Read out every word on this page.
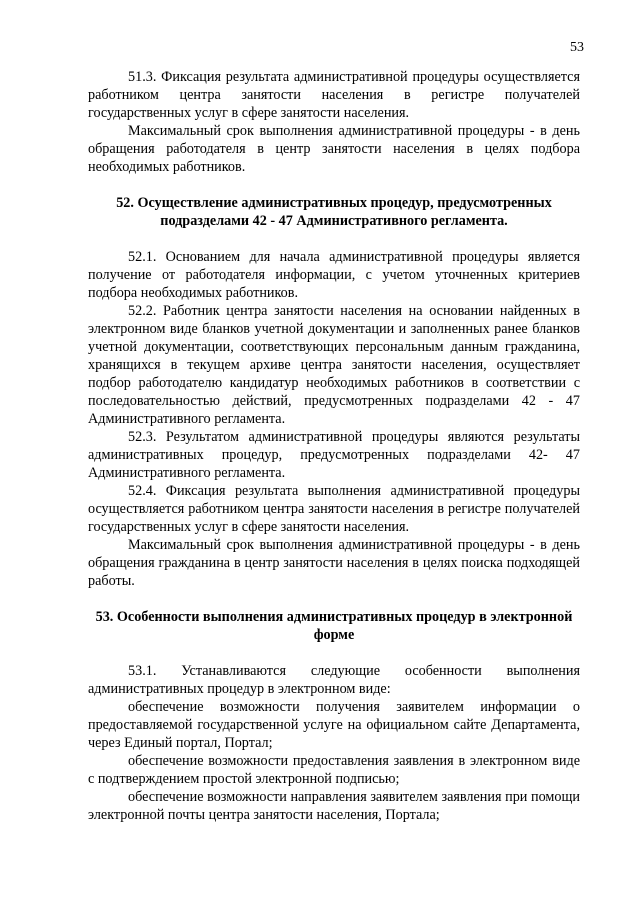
53

51.3. Фиксация результата административной процедуры осуществляется работником центра занятости населения в регистре получателей государственных услуг в сфере занятости населения.

Максимальный срок выполнения административной процедуры - в день обращения работодателя в центр занятости населения в целях подбора необходимых работников.

52. Осуществление административных процедур, предусмотренных подразделами 42 - 47 Административного регламента.

52.1. Основанием для начала административной процедуры является получение от работодателя информации, с учетом уточненных критериев подбора необходимых работников.

52.2. Работник центра занятости населения на основании найденных в электронном виде бланков учетной документации и заполненных ранее бланков учетной документации, соответствующих персональным данным гражданина, хранящихся в текущем архиве центра занятости населения, осуществляет подбор работодателю кандидатур необходимых работников в соответствии с последовательностью действий, предусмотренных подразделами 42 - 47 Административного регламента.

52.3. Результатом административной процедуры являются результаты административных процедур, предусмотренных подразделами 42- 47 Административного регламента.

52.4. Фиксация результата выполнения административной процедуры осуществляется работником центра занятости населения в регистре получателей государственных услуг в сфере занятости населения.

Максимальный срок выполнения административной процедуры - в день обращения гражданина в центр занятости населения в целях поиска подходящей работы.

53. Особенности выполнения административных процедур в электронной форме

53.1. Устанавливаются следующие особенности выполнения административных процедур в электронном виде:

обеспечение возможности получения заявителем информации о предоставляемой государственной услуге на официальном сайте Департамента, через Единый портал, Портал;

обеспечение возможности предоставления заявления в электронном виде с подтверждением простой электронной подписью;

обеспечение возможности направления заявителем заявления при помощи электронной почты центра занятости населения, Портала;
